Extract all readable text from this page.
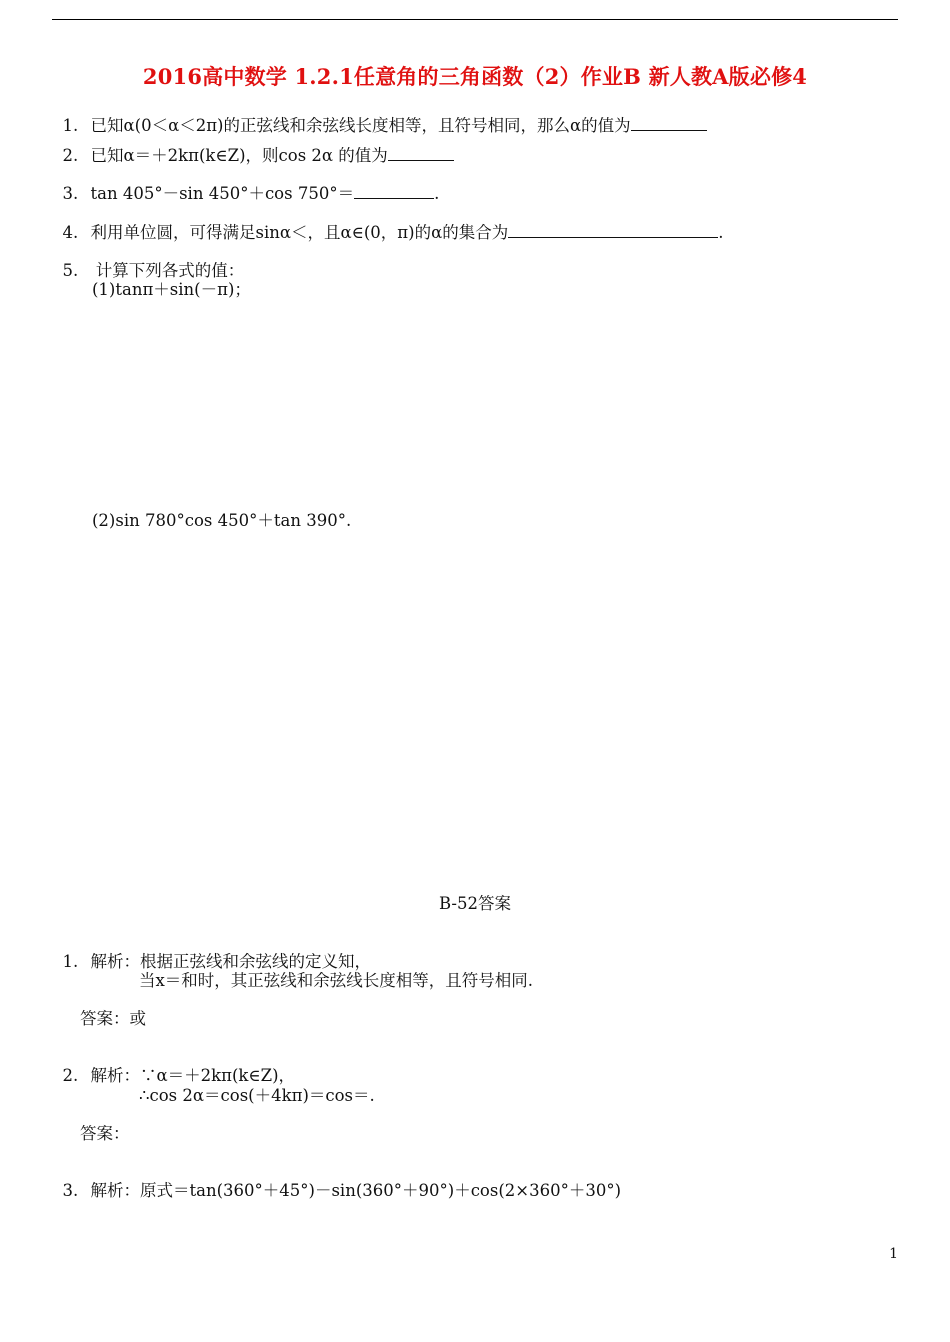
2016高中数学 1.2.1任意角的三角函数（2）作业B 新人教A版必修4

1. 已知α(0＜α＜2π)的正弦线和余弦线长度相等，且符号相同，那么α的值为

2. 已知α＝＋2kπ(k∈Z)，则cos 2α 的值为

3. tan 405°－sin 450°＋cos 750°＝	.

4. 利用单位圆，可得满足sinα＜，且α∈(0，π)的α的集合为	.

5. 计算下列各式的值：

(1)tanπ＋sin(－π)；
(2)sin 780°cos 450°＋tan 390°.
B-52答案

1. 解析：根据正弦线和余弦线的定义知，

当x＝和时，其正弦线和余弦线长度相等，且符号相同.
答案：或

2. 解析：∵α＝＋2kπ(k∈Z)，

∴cos 2α＝cos(＋4kπ)＝cos＝.
答案：

3. 解析：原式＝tan(360°＋45°)－sin(360°＋90°)＋cos(2×360°＋30°)

1
